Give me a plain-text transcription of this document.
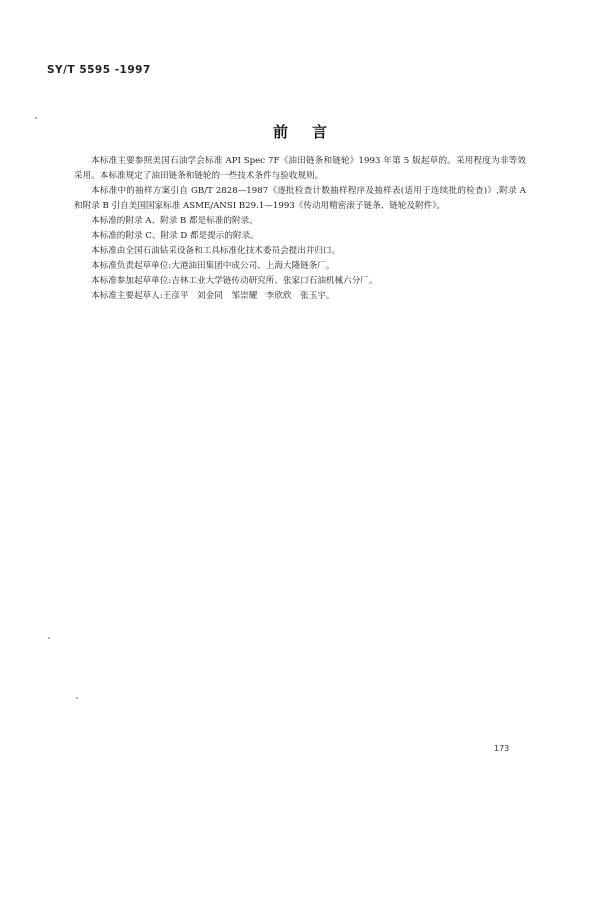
SY/T 5595 -1997
前言

本标准主要参照美国石油学会标准 API Spec 7F《油田链条和链轮》1993 年第 5 版起草的。采用程度为非等效采用。本标准规定了油田链条和链轮的一些技术条件与验收规则。

本标准中的抽样方案引自 GB/T 2828—1987《逐批检查计数抽样程序及抽样表(适用于连续批的检查)》,附录 A 和附录 B 引自美国国家标准 ASME/ANSI B29.1—1993《传动用精密滚子链条、链轮及附件》。

本标准的附录 A、附录 B 都是标准的附录。

本标准的附录 C、附录 D 都是提示的附录。

本标准由全国石油钻采设备和工具标准化技术委员会提出并归口。

本标准负责起草单位:大港油田集团中成公司、上海大隆链条厂。

本标准参加起草单位:吉林工业大学链传动研究所、张家口石油机械六分厂。

本标准主要起草人:王彦平　刘金同　邹崇耀　李欣欣　张玉宇。

173
